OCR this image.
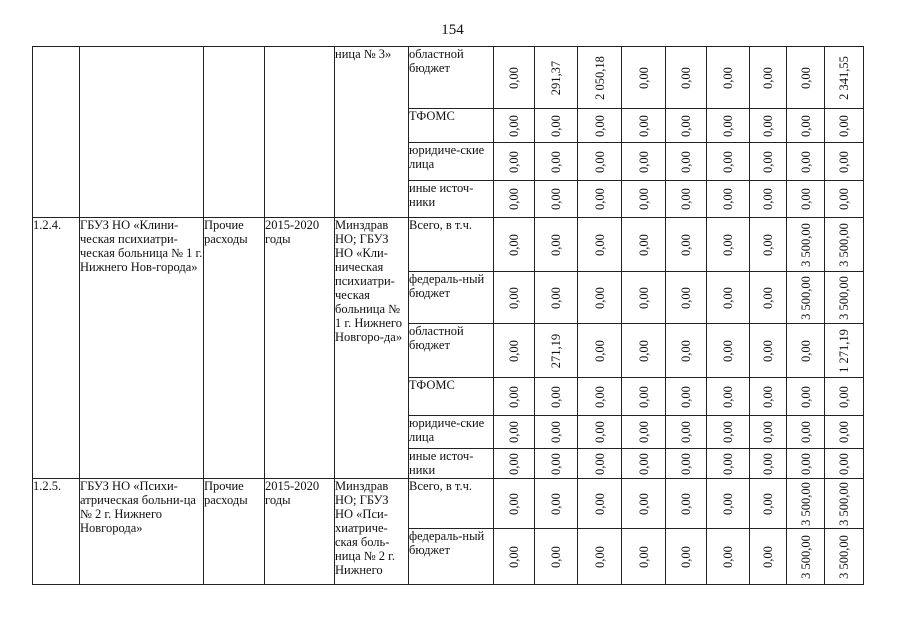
154
				ница № 3»	областной бюджет	0,00	291,37	2 050,18	0,00	0,00	0,00	0,00	0,00	2 341,55

					ТФОМС	0,00	0,00	0,00	0,00	0,00	0,00	0,00	0,00	0,00

					юридиче-ские лица	0,00	0,00	0,00	0,00	0,00	0,00	0,00	0,00	0,00

					иные источ-ники	0,00	0,00	0,00	0,00	0,00	0,00	0,00	0,00	0,00

1.2.4.	ГБУЗ НО «Клини-ческая психиатри-ческая больница № 1 г. Нижнего Нов-города»	Прочие расходы	2015-2020 годы	Минздрав НО; ГБУЗ НО «Кли-ническая психиатри-ческая больница № 1 г. Нижнего Новгоро-да»	Всего, в т.ч.	0,00	0,00	0,00	0,00	0,00	0,00	0,00	3 500,00	3 500,00

					федераль-ный бюджет	0,00	0,00	0,00	0,00	0,00	0,00	0,00	3 500,00	3 500,00

					областной бюджет	0,00	271,19	0,00	0,00	0,00	0,00	0,00	0,00	1 271,19

					ТФОМС	0,00	0,00	0,00	0,00	0,00	0,00	0,00	0,00	0,00

					юридиче-ские лица	0,00	0,00	0,00	0,00	0,00	0,00	0,00	0,00	0,00

					иные источ-ники	0,00	0,00	0,00	0,00	0,00	0,00	0,00	0,00	0,00

1.2.5.	ГБУЗ НО «Психи-атрическая больни-ца № 2 г. Нижнего Новгорода»	Прочие расходы	2015-2020 годы	Минздрав НО; ГБУЗ НО «Пси-хиатриче-ская боль-ница № 2 г. Нижнего	Всего, в т.ч.	0,00	0,00	0,00	0,00	0,00	0,00	0,00	3 500,00	3 500,00

					федераль-ный бюджет	0,00	0,00	0,00	0,00	0,00	0,00	0,00	3 500,00	3 500,00
